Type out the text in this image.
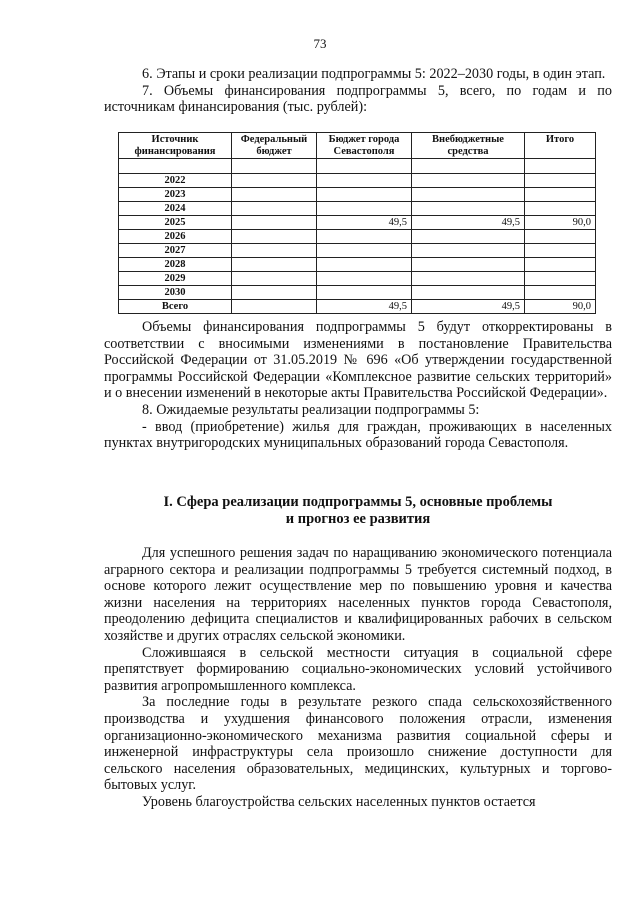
73

6. Этапы и сроки реализации подпрограммы 5: 2022–2030 годы, в один этап.

7. Объемы финансирования подпрограммы 5, всего, по годам и по источникам финансирования (тыс. рублей):

Источник финансирования	Федеральный бюджет	Бюджет города Севастополя	Внебюджетные средства	Итого

2022				
2023				
2024				
2025		49,5	49,5	90,0
2026				
2027				
2028				
2029				
2030				
Всего		49,5	49,5	90,0

Объемы финансирования подпрограммы 5 будут откорректированы в соответствии с вносимыми изменениями в постановление Правительства Российской Федерации от 31.05.2019 № 696 «Об утверждении государственной программы Российской Федерации «Комплексное развитие сельских территорий» и о внесении изменений в некоторые акты Правительства Российской Федерации».

8. Ожидаемые результаты реализации подпрограммы 5:

- ввод (приобретение) жилья для граждан, проживающих в населенных пунктах внутригородских муниципальных образований города Севастополя.

I. Сфера реализации подпрограммы 5, основные проблемы
и прогноз ее развития

Для успешного решения задач по наращиванию экономического потенциала аграрного сектора и реализации подпрограммы 5 требуется системный подход, в основе которого лежит осуществление мер по повышению уровня и качества жизни населения на территориях населенных пунктов города Севастополя, преодолению дефицита специалистов и квалифицированных рабочих в сельском хозяйстве и других отраслях сельской экономики.

Сложившаяся в сельской местности ситуация в социальной сфере препятствует формированию социально-экономических условий устойчивого развития агропромышленного комплекса.

За последние годы в результате резкого спада сельскохозяйственного производства и ухудшения финансового положения отрасли, изменения организационно-экономического механизма развития социальной сферы и инженерной инфраструктуры села произошло снижение доступности для сельского населения образовательных, медицинских, культурных и торгово-бытовых услуг.

Уровень благоустройства сельских населенных пунктов остается
